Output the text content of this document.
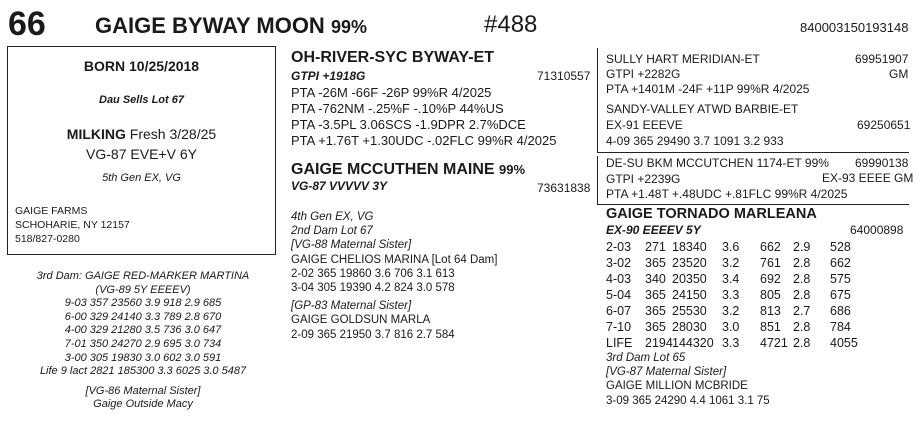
66 GAIGE BYWAY MOON 99%	#488	840003150193148
BORN 10/25/2018
Dau Sells Lot 67
MILKING Fresh 3/28/25
VG-87 EVE+V 6Y
5th Gen EX, VG
GAIGE FARMS
SCHOHARIE, NY 12157
518/827-0280
3rd Dam: GAIGE RED-MARKER MARTINA
(VG-89 5Y EEEEV)
9-03 357 23560 3.9 918 2.9 685
6-00 329 24140 3.3 789 2.8 670
4-00 329 21280 3.5 736 3.0 647
7-01 350 24270 2.9 695 3.0 734
3-00 305 19830 3.0 602 3.0 591
Life 9 lact 2821 185300 3.3 6025 3.0 5487
[VG-86 Maternal Sister]
Gaige Outside Macy
OH-RIVER-SYC BYWAY-ET
GTPI +1918G	71310557
PTA -26M -66F -26P 99%R 4/2025
PTA -762NM -.25%F -.10%P 44%US
PTA -3.5PL 3.06SCS -1.9DPR 2.7%DCE
PTA +1.76T +1.30UDC -.02FLC 99%R 4/2025
GAIGE MCCUTHEN MAINE 99%
VG-87 VVVVV 3Y	73631838
4th Gen EX, VG
2nd Dam Lot 67
[VG-88 Maternal Sister]
GAIGE CHELIOS MARINA [Lot 64 Dam]
2-02 365 19860 3.6 706 3.1 613
3-04 305 19390 4.2 824 3.0 578
[GP-83 Maternal Sister]
GAIGE GOLDSUN MARLA
2-09 365 21950 3.7 816 2.7 584
SULLY HART MERIDIAN-ET
GTPI +2282G
PTA +1401M -24F +11P 99%R 4/2025
69951907
GM
SANDY-VALLEY ATWD BARBIE-ET
EX-91 EEEVE
4-09 365 29490 3.7 1091 3.2 933
69250651
DE-SU BKM MCCUTCHEN 1174-ET 99%
GTPI +2239G
PTA +1.48T +.48UDC +.81FLC 99%R 4/2025
69990138
EX-93 EEEE GM
GAIGE TORNADO MARLEANA
EX-90 EEEEV 5Y	64000898
2-03 271 18340 3.6 662 2.9 528
3-02 365 23520 3.2 761 2.8 662
4-03 340 20350 3.4 692 2.8 575
5-04 365 24150 3.3 805 2.8 675
6-07 365 25530 3.2 813 2.7 686
7-10 365 28030 3.0 851 2.8 784
LIFE 2194 144320 3.3 4721 2.8 4055
3rd Dam Lot 65
[VG-87 Maternal Sister]
GAIGE MILLION MCBRIDE
3-09 365 24290 4.4 1061 3.1 75
